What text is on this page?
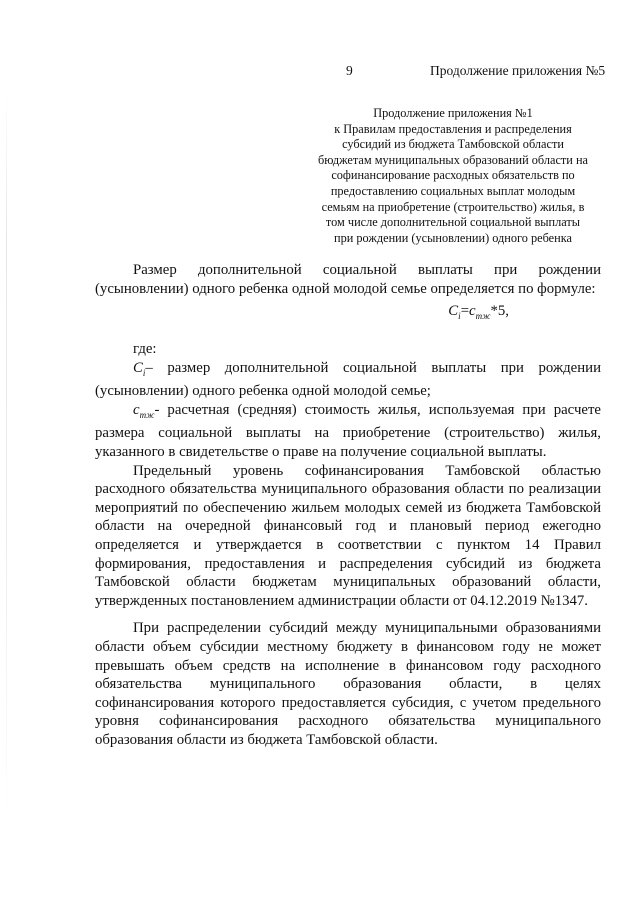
9	Продолжение приложения №5
Продолжение приложения №1
к Правилам предоставления и распределения
субсидий из бюджета Тамбовской области
бюджетам муниципальных образований области на
софинансирование расходных обязательств по
предоставлению социальных выплат молодым
семьям на приобретение (строительство) жилья, в
том числе дополнительной социальной выплаты
при рождении (усыновлении) одного ребенка

Размер дополнительной социальной выплаты при рождении (усыновлении) одного ребенка одной молодой семье определяется по формуле:

$C_i=c_{тж}*5$,

где:

$C_i-$ размер дополнительной социальной выплаты при рождении (усыновлении) одного ребенка одной молодой семье;

$c_{тж}-$ расчетная (средняя) стоимость жилья, используемая при расчете размера социальной выплаты на приобретение (строительство) жилья, указанного в свидетельстве о праве на получение социальной выплаты.

Предельный уровень софинансирования Тамбовской областью расходного обязательства муниципального образования области по реализации мероприятий по обеспечению жильем молодых семей из бюджета Тамбовской области на очередной финансовый год и плановый период ежегодно определяется и утверждается в соответствии с пунктом 14 Правил формирования, предоставления и распределения субсидий из бюджета Тамбовской области бюджетам муниципальных образований области, утвержденных постановлением администрации области от 04.12.2019 №1347.

При распределении субсидий между муниципальными образованиями области объем субсидии местному бюджету в финансовом году не может превышать объем средств на исполнение в финансовом году расходного обязательства муниципального образования области, в целях софинансирования которого предоставляется субсидия, с учетом предельного уровня софинансирования расходного обязательства муниципального образования области из бюджета Тамбовской области.
